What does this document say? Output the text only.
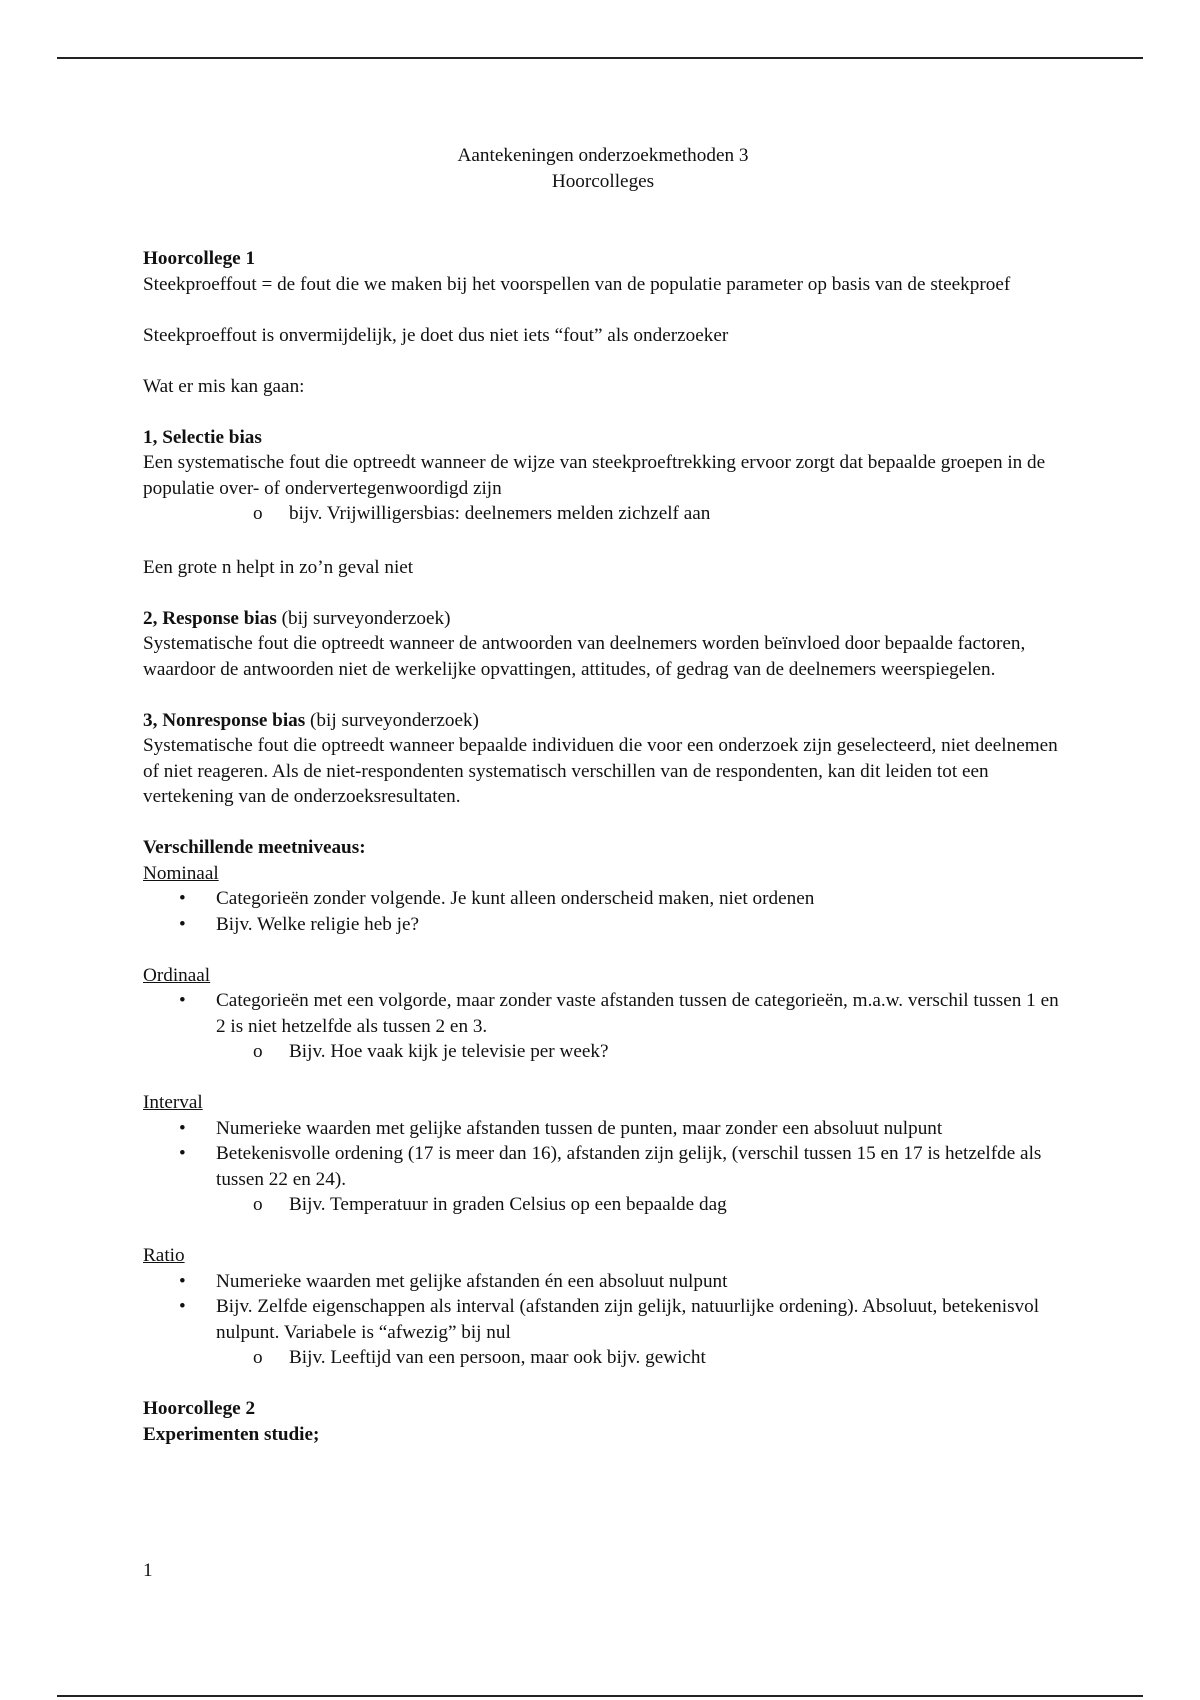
Aantekeningen onderzoekmethoden 3

Hoorcolleges

Hoorcollege 1

Steekproeffout = de fout die we maken bij het voorspellen van de populatie parameter op basis van de steekproef

Steekproeffout is onvermijdelijk, je doet dus niet iets “fout” als onderzoeker

Wat er mis kan gaan:

1, Selectie bias

Een systematische fout die optreedt wanneer de wijze van steekproeftrekking ervoor zorgt dat bepaalde groepen in de populatie over- of ondervertegenwoordigd zijn

o bijv. Vrijwilligersbias: deelnemers melden zichzelf aan

Een grote n helpt in zo’n geval niet

2, Response bias (bij surveyonderzoek)

Systematische fout die optreedt wanneer de antwoorden van deelnemers worden beïnvloed door bepaalde factoren, waardoor de antwoorden niet de werkelijke opvattingen, attitudes, of gedrag van de deelnemers weerspiegelen.

3, Nonresponse bias (bij surveyonderzoek)

Systematische fout die optreedt wanneer bepaalde individuen die voor een onderzoek zijn geselecteerd, niet deelnemen of niet reageren. Als de niet-respondenten systematisch verschillen van de respondenten, kan dit leiden tot een vertekening van de onderzoeksresultaten.

Verschillende meetniveaus:

Nominaal

• Categorieën zonder volgende. Je kunt alleen onderscheid maken, niet ordenen
• Bijv. Welke religie heb je?

Ordinaal

• Categorieën met een volgorde, maar zonder vaste afstanden tussen de categorieën, m.a.w. verschil tussen 1 en 2 is niet hetzelfde als tussen 2 en 3.
o Bijv. Hoe vaak kijk je televisie per week?

Interval

• Numerieke waarden met gelijke afstanden tussen de punten, maar zonder een absoluut nulpunt
• Betekenisvolle ordening (17 is meer dan 16), afstanden zijn gelijk, (verschil tussen 15 en 17 is hetzelfde als tussen 22 en 24).
o Bijv. Temperatuur in graden Celsius op een bepaalde dag

Ratio

• Numerieke waarden met gelijke afstanden én een absoluut nulpunt
• Bijv. Zelfde eigenschappen als interval (afstanden zijn gelijk, natuurlijke ordening). Absoluut, betekenisvol nulpunt. Variabele is “afwezig” bij nul
o Bijv. Leeftijd van een persoon, maar ook bijv. gewicht

Hoorcollege 2

Experimenten studie;

1
